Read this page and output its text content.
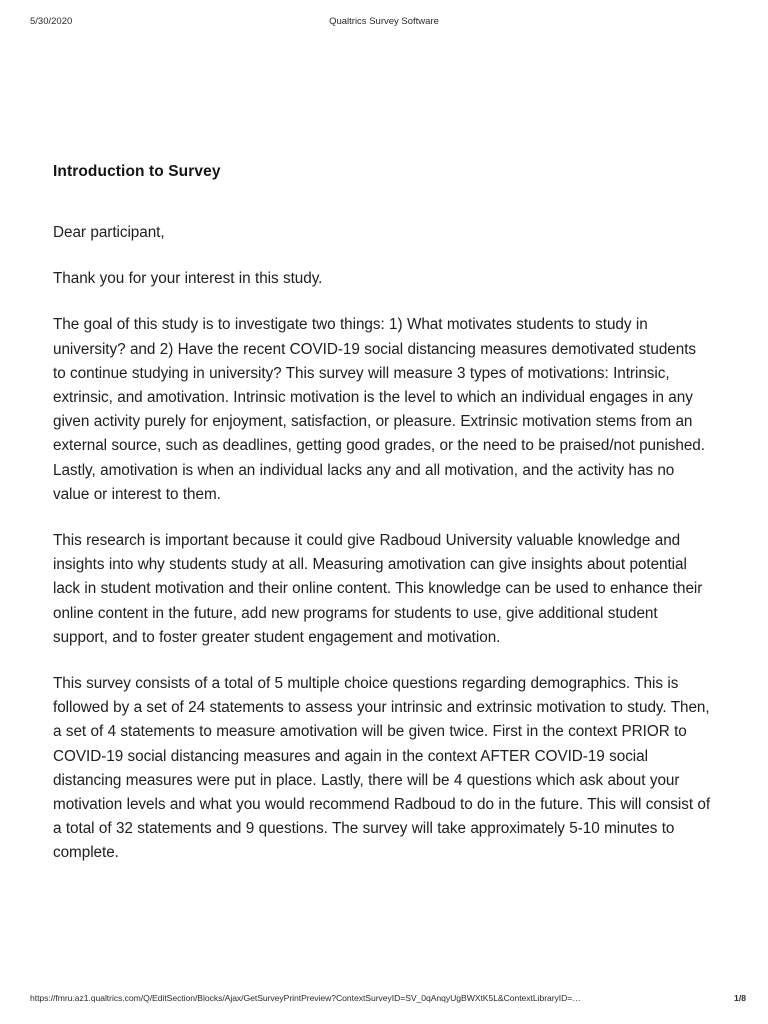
5/30/2020	Qualtrics Survey Software
Introduction to Survey

Dear participant,

Thank you for your interest in this study.

The goal of this study is to investigate two things: 1) What motivates students to study in university? and 2) Have the recent COVID-19 social distancing measures demotivated students to continue studying in university? This survey will measure 3 types of motivations: Intrinsic, extrinsic, and amotivation. Intrinsic motivation is the level to which an individual engages in any given activity purely for enjoyment, satisfaction, or pleasure. Extrinsic motivation stems from an external source, such as deadlines, getting good grades, or the need to be praised/not punished. Lastly, amotivation is when an individual lacks any and all motivation, and the activity has no value or interest to them.

This research is important because it could give Radboud University valuable knowledge and insights into why students study at all. Measuring amotivation can give insights about potential lack in student motivation and their online content. This knowledge can be used to enhance their online content in the future, add new programs for students to use, give additional student support, and to foster greater student engagement and motivation.

This survey consists of a total of 5 multiple choice questions regarding demographics. This is followed by a set of 24 statements to assess your intrinsic and extrinsic motivation to study. Then, a set of 4 statements to measure amotivation will be given twice. First in the context PRIOR to COVID-19 social distancing measures and again in the context AFTER COVID-19 social distancing measures were put in place. Lastly, there will be 4 questions which ask about your motivation levels and what you would recommend Radboud to do in the future. This will consist of a total of 32 statements and 9 questions. The survey will take approximately 5-10 minutes to complete.

https://fmru.az1.qualtrics.com/Q/EditSection/Blocks/Ajax/GetSurveyPrintPreview?ContextSurveyID=SV_0qAnqyUgBWXtK5L&ContextLibraryID=…	1/8
